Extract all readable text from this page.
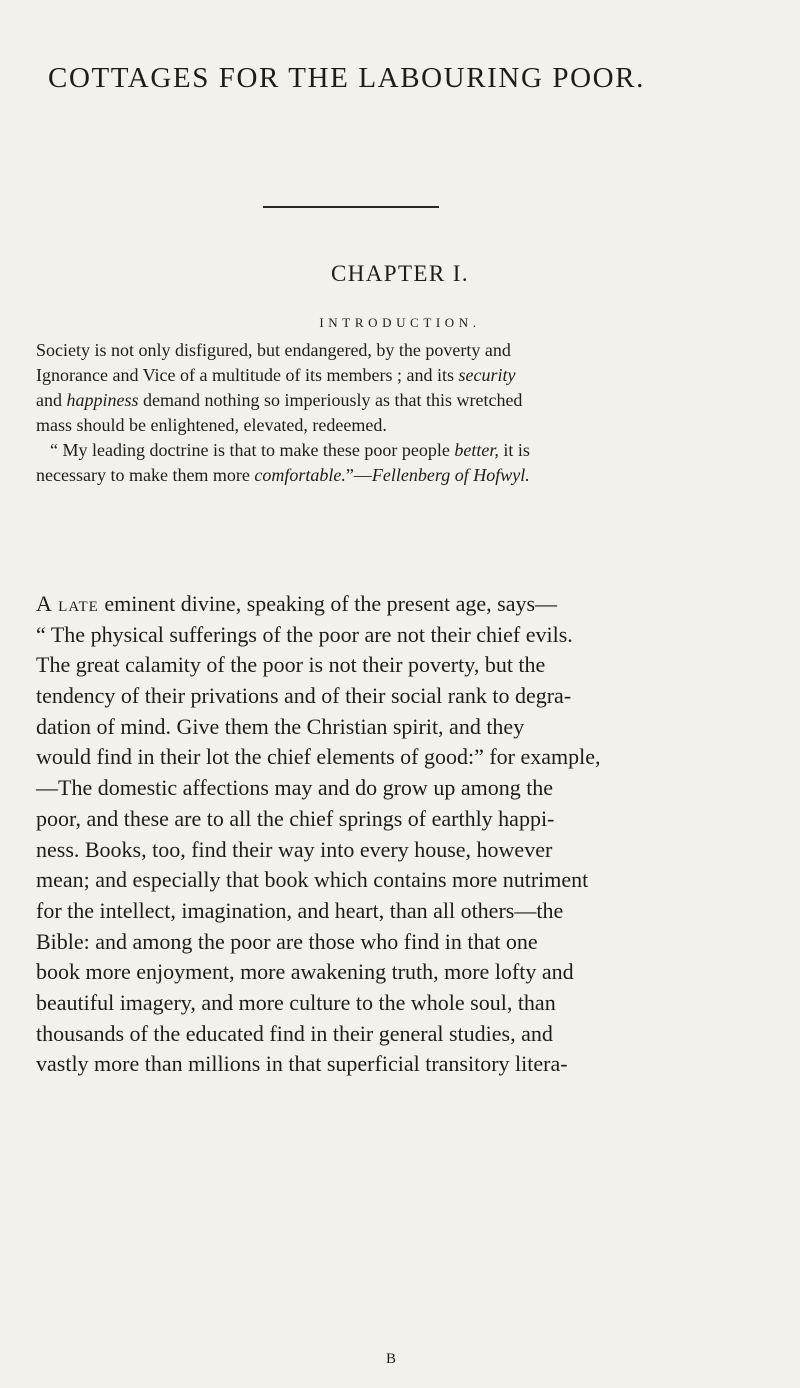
COTTAGES FOR THE LABOURING POOR.
CHAPTER I.
INTRODUCTION.
Society is not only disfigured, but endangered, by the poverty and
Ignorance and Vice of a multitude of its members ; and its security
and happiness demand nothing so imperiously as that this wretched
mass should be enlightened, elevated, redeemed.
“ My leading doctrine is that to make these poor people better, it is
necessary to make them more comfortable.”—Fellenberg of Hofwyl.
A late eminent divine, speaking of the present age, says—
“ The physical sufferings of the poor are not their chief evils.
The great calamity of the poor is not their poverty, but the
tendency of their privations and of their social rank to degra-
dation of mind. Give them the Christian spirit, and they
would find in their lot the chief elements of good:” for example,
—The domestic affections may and do grow up among the
poor, and these are to all the chief springs of earthly happi-
ness. Books, too, find their way into every house, however
mean; and especially that book which contains more nutriment
for the intellect, imagination, and heart, than all others—the
Bible: and among the poor are those who find in that one
book more enjoyment, more awakening truth, more lofty and
beautiful imagery, and more culture to the whole soul, than
thousands of the educated find in their general studies, and
vastly more than millions in that superficial transitory litera-
B
